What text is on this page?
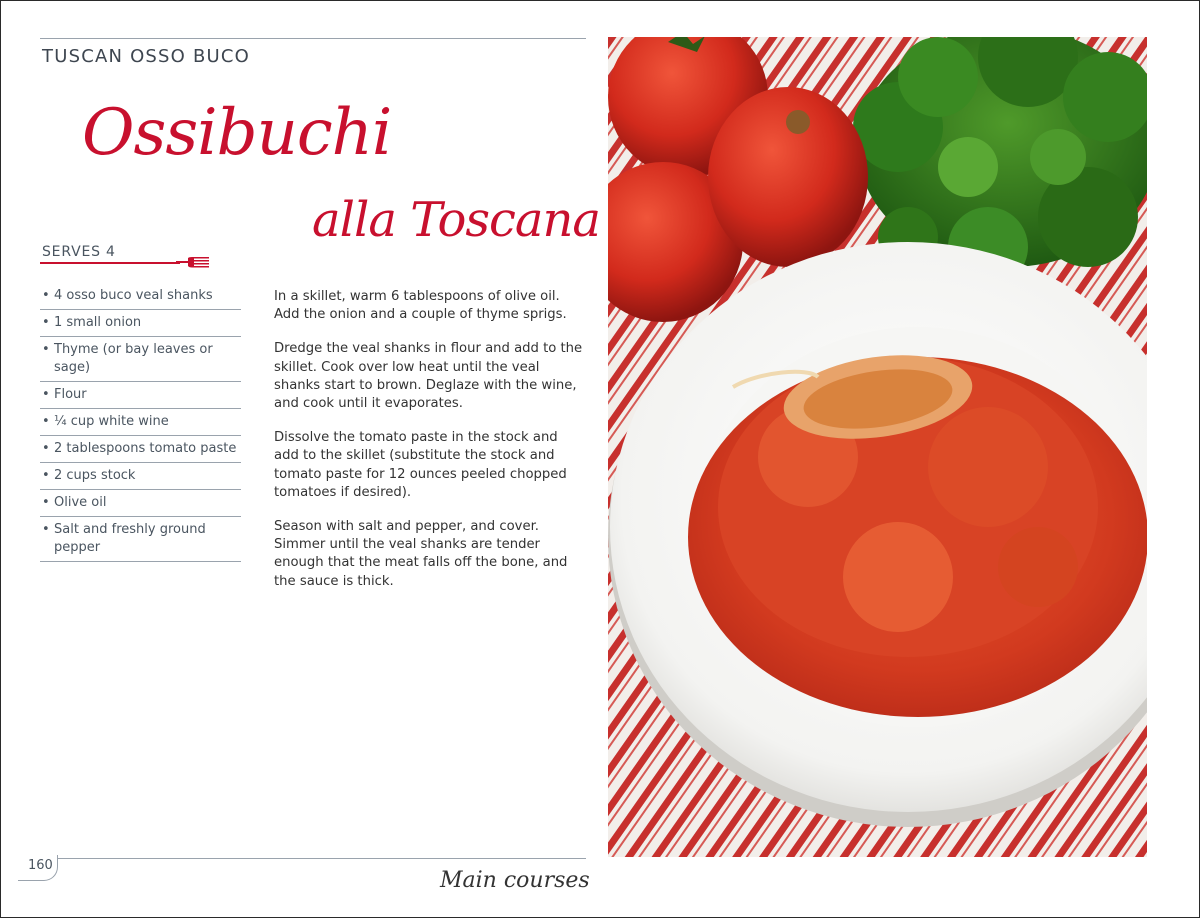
TUSCAN OSSO BUCO
Ossibuchi
alla Toscana
SERVES 4
• 4 osso buco veal shanks
• 1 small onion
• Thyme (or bay leaves or sage)
• Flour
• ¼ cup white wine
• 2 tablespoons tomato paste
• 2 cups stock
• Olive oil
• Salt and freshly ground pepper

In a skillet, warm 6 tablespoons of olive oil. Add the onion and a couple of thyme sprigs.

Dredge the veal shanks in flour and add to the skillet. Cook over low heat until the veal shanks start to brown. Deglaze with the wine, and cook until it evaporates.

Dissolve the tomato paste in the stock and add to the skillet (substitute the stock and tomato paste for 12 ounces peeled chopped tomatoes if desired).

Season with salt and pepper, and cover. Simmer until the veal shanks are tender enough that the meat falls off the bone, and the sauce is thick.

160
Main courses
